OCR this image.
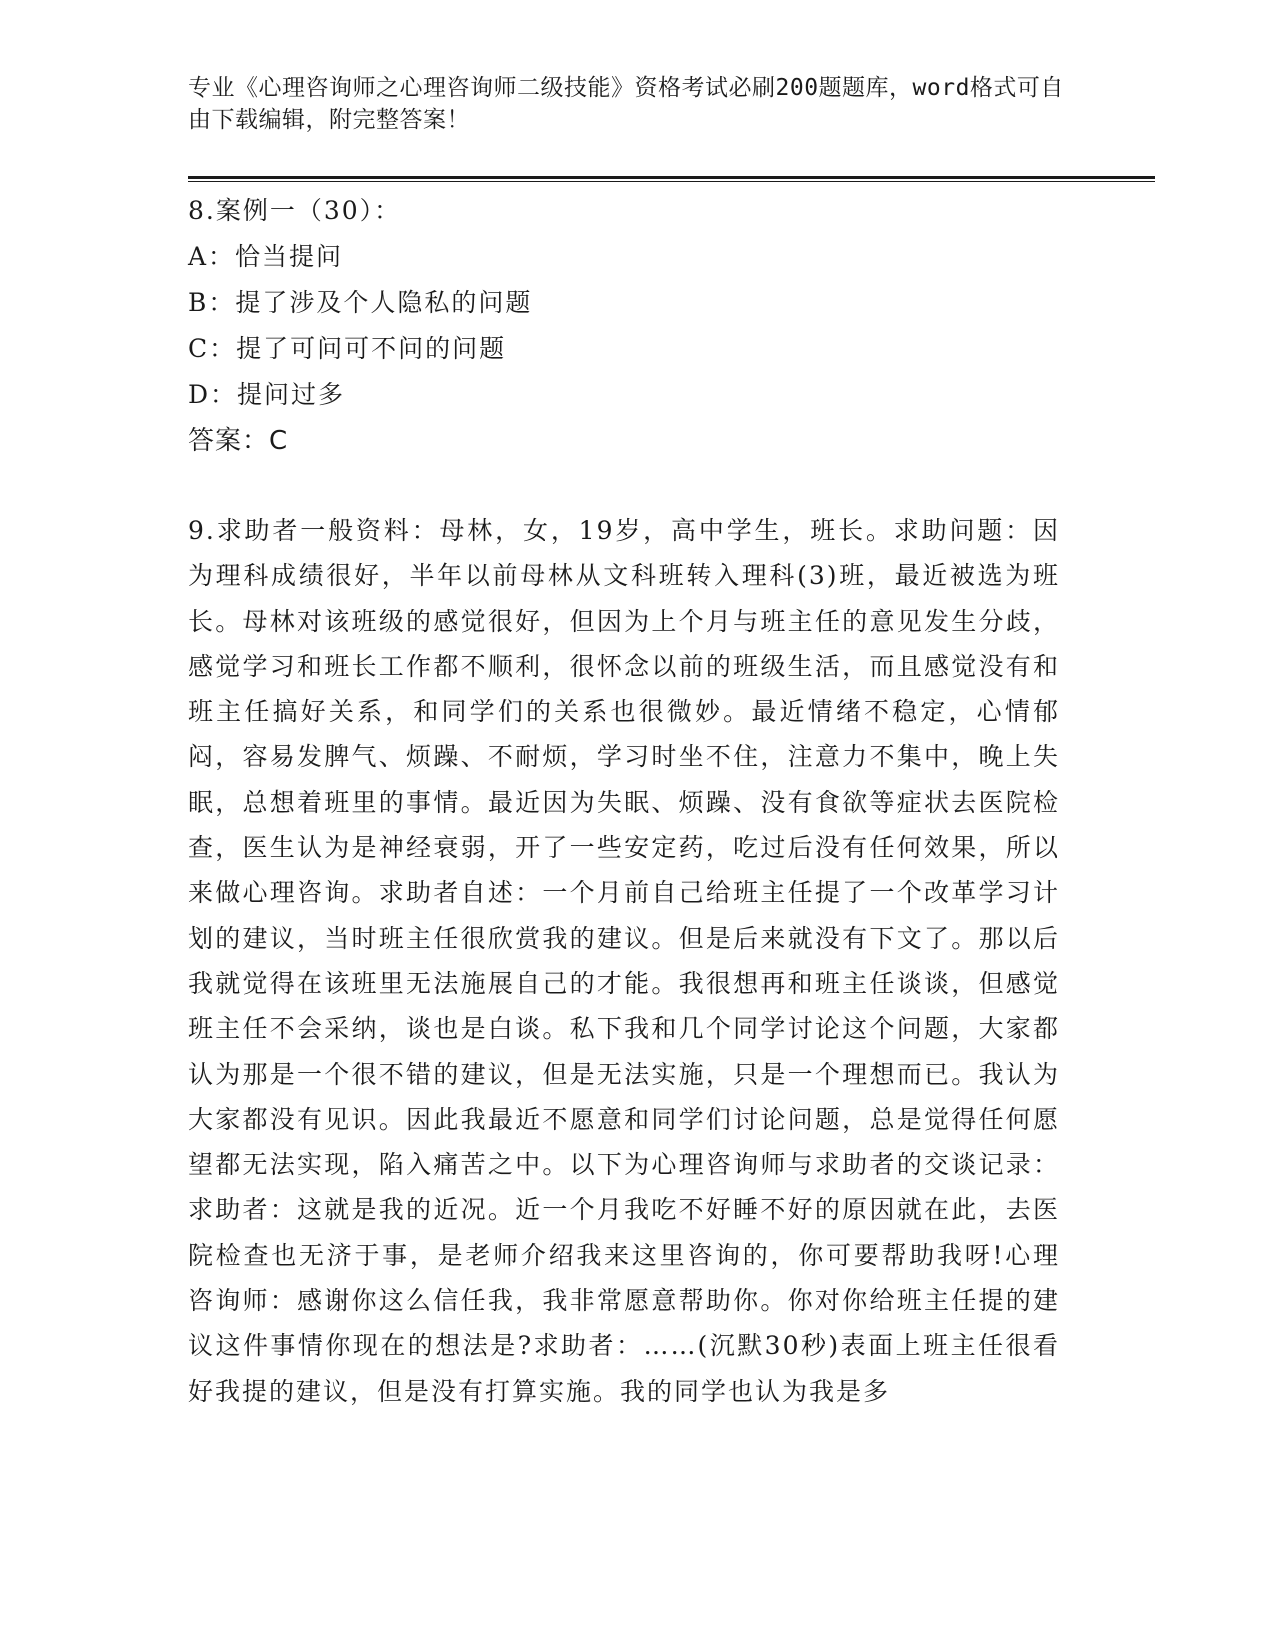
专业《心理咨询师之心理咨询师二级技能》资格考试必刷200题题库，word格式可自由下载编辑，附完整答案！
8.案例一（30）：
A：恰当提问
B：提了涉及个人隐私的问题
C：提了可问可不问的问题
D：提问过多
答案：C
9.求助者一般资料：母林，女，19岁，高中学生，班长。求助问题：因为理科成绩很好，半年以前母林从文科班转入理科(3)班，最近被选为班长。母林对该班级的感觉很好，但因为上个月与班主任的意见发生分歧，感觉学习和班长工作都不顺利，很怀念以前的班级生活，而且感觉没有和班主任搞好关系，和同学们的关系也很微妙。最近情绪不稳定，心情郁闷，容易发脾气、烦躁、不耐烦，学习时坐不住，注意力不集中，晚上失眠，总想着班里的事情。最近因为失眠、烦躁、没有食欲等症状去医院检查，医生认为是神经衰弱，开了一些安定药，吃过后没有任何效果，所以来做心理咨询。求助者自述：一个月前自己给班主任提了一个改革学习计划的建议，当时班主任很欣赏我的建议。但是后来就没有下文了。那以后我就觉得在该班里无法施展自己的才能。我很想再和班主任谈谈，但感觉班主任不会采纳，谈也是白谈。私下我和几个同学讨论这个问题，大家都认为那是一个很不错的建议，但是无法实施，只是一个理想而已。我认为大家都没有见识。因此我最近不愿意和同学们讨论问题，总是觉得任何愿望都无法实现，陷入痛苦之中。以下为心理咨询师与求助者的交谈记录：求助者：这就是我的近况。近一个月我吃不好睡不好的原因就在此，去医院检查也无济于事，是老师介绍我来这里咨询的，你可要帮助我呀!心理咨询师：感谢你这么信任我，我非常愿意帮助你。你对你给班主任提的建议这件事情你现在的想法是?求助者：……(沉默30秒)表面上班主任很看好我提的建议，但是没有打算实施。我的同学也认为我是多
